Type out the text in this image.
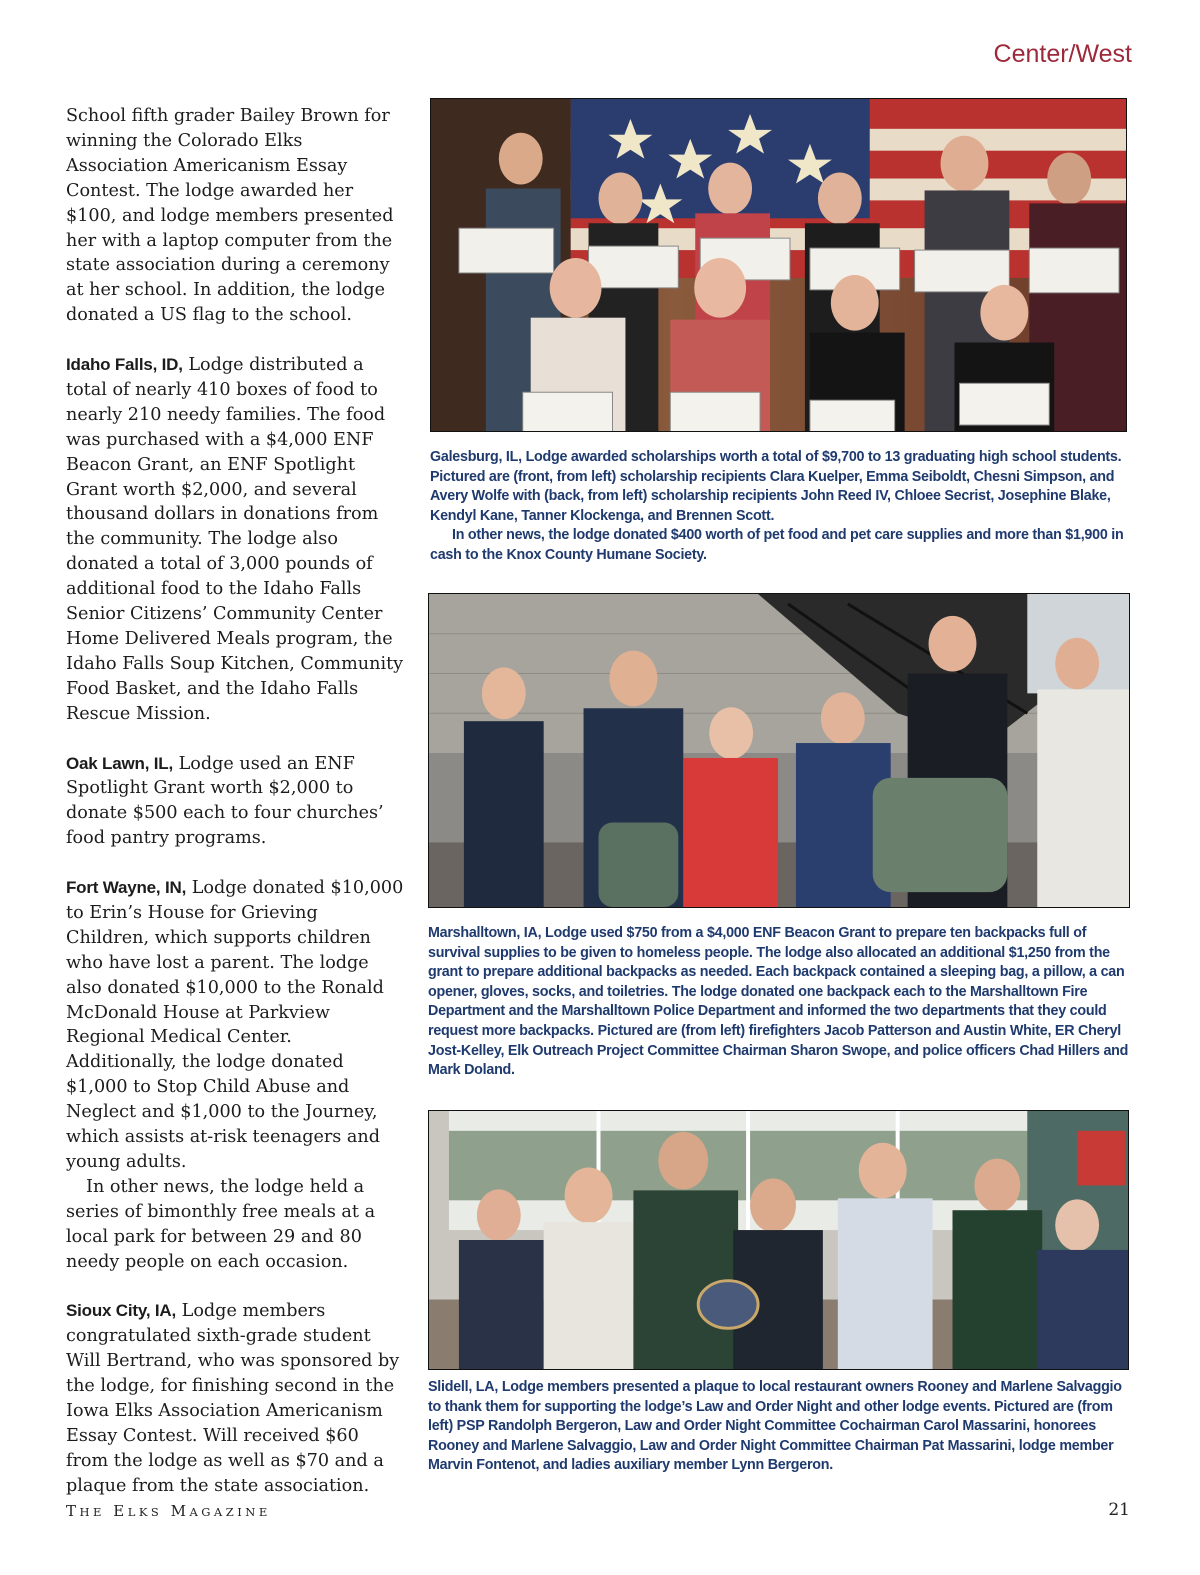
Center/West

School fifth grader Bailey Brown for winning the Colorado Elks Association Americanism Essay Contest. The lodge awarded her $100, and lodge members presented her with a laptop computer from the state association during a ceremony at her school. In addition, the lodge donated a US flag to the school.

Idaho Falls, ID, Lodge distributed a total of nearly 410 boxes of food to nearly 210 needy families. The food was purchased with a $4,000 ENF Beacon Grant, an ENF Spotlight Grant worth $2,000, and several thousand dollars in donations from the community. The lodge also donated a total of 3,000 pounds of additional food to the Idaho Falls Senior Citizens’ Community Center Home Delivered Meals program, the Idaho Falls Soup Kitchen, Community Food Basket, and the Idaho Falls Rescue Mission.

Oak Lawn, IL, Lodge used an ENF Spotlight Grant worth $2,000 to donate $500 each to four churches’ food pantry programs.

Fort Wayne, IN, Lodge donated $10,000 to Erin’s House for Grieving Children, which supports children who have lost a parent. The lodge also donated $10,000 to the Ronald McDonald House at Parkview Regional Medical Center. Additionally, the lodge donated $1,000 to Stop Child Abuse and Neglect and $1,000 to the Journey, which assists at-risk teenagers and young adults.

In other news, the lodge held a series of bimonthly free meals at a local park for between 29 and 80 needy people on each occasion.

Sioux City, IA, Lodge members congratulated sixth-grade student Will Bertrand, who was sponsored by the lodge, for finishing second in the Iowa Elks Association Americanism Essay Contest. Will received $60 from the lodge as well as $70 and a plaque from the state association.

Galesburg, IL, Lodge awarded scholarships worth a total of $9,700 to 13 graduating high school students. Pictured are (front, from left) scholarship recipients Clara Kuelper, Emma Seiboldt, Chesni Simpson, and Avery Wolfe with (back, from left) scholarship recipients John Reed IV, Chloee Secrist, Josephine Blake, Kendyl Kane, Tanner Klockenga, and Brennen Scott.

In other news, the lodge donated $400 worth of pet food and pet care supplies and more than $1,900 in cash to the Knox County Humane Society.

Marshalltown, IA, Lodge used $750 from a $4,000 ENF Beacon Grant to prepare ten backpacks full of survival supplies to be given to homeless people. The lodge also allocated an additional $1,250 from the grant to prepare additional backpacks as needed. Each backpack contained a sleeping bag, a pillow, a can opener, gloves, socks, and toiletries. The lodge donated one backpack each to the Marshalltown Fire Department and the Marshalltown Police Department and informed the two departments that they could request more backpacks. Pictured are (from left) firefighters Jacob Patterson and Austin White, ER Cheryl Jost-Kelley, Elk Outreach Project Committee Chairman Sharon Swope, and police officers Chad Hillers and Mark Doland.

Slidell, LA, Lodge members presented a plaque to local restaurant owners Rooney and Marlene Salvaggio to thank them for supporting the lodge’s Law and Order Night and other lodge events. Pictured are (from left) PSP Randolph Bergeron, Law and Order Night Committee Cochairman Carol Massarini, honorees Rooney and Marlene Salvaggio, Law and Order Night Committee Chairman Pat Massarini, lodge member Marvin Fontenot, and ladies auxiliary member Lynn Bergeron.

THE ELKS MAGAZINE	21
